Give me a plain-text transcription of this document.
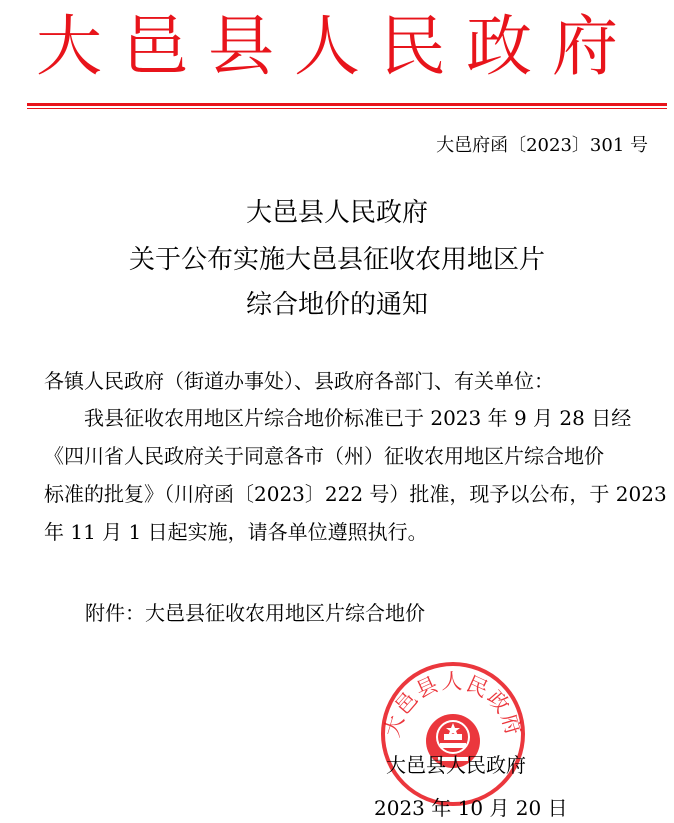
大邑县人民政府
大邑府函〔2023〕301 号
大邑县人民政府
关于公布实施大邑县征收农用地区片
综合地价的通知
各镇人民政府（街道办事处）、县政府各部门、有关单位：
我县征收农用地区片综合地价标准已于 2023 年 9 月 28 日经
《四川省人民政府关于同意各市（州）征收农用地区片综合地价
标准的批复》（川府函〔2023〕222 号）批准，现予以公布，于 2023
年 11 月 1 日起实施，请各单位遵照执行。
附件：大邑县征收农用地区片综合地价
大邑县人民政府
大邑县人民政府
2023 年 10 月 20 日
